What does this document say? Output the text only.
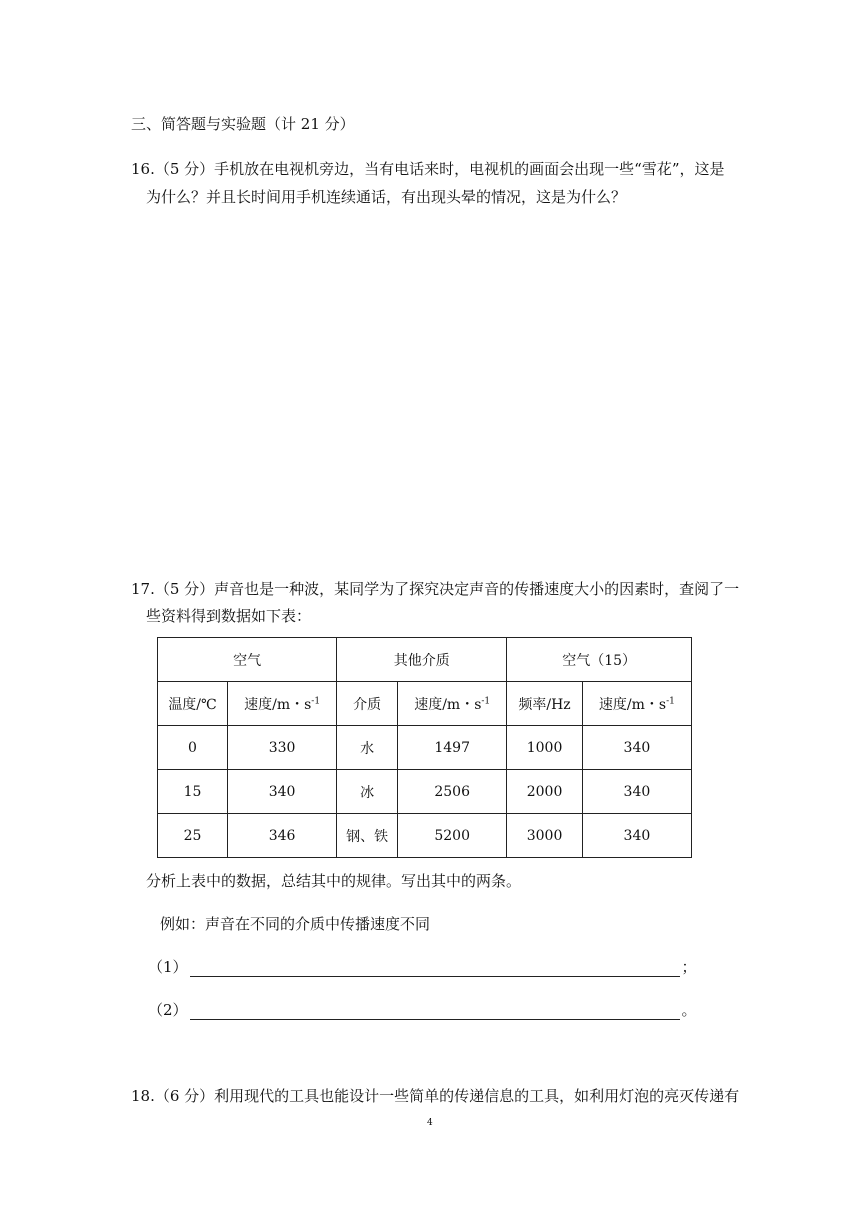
三、简答题与实验题（计 21 分）
16.（5 分）手机放在电视机旁边，当有电话来时，电视机的画面会出现一些“雪花”，这是
为什么？并且长时间用手机连续通话，有出现头晕的情况，这是为什么？
17.（5 分）声音也是一种波，某同学为了探究决定声音的传播速度大小的因素时，查阅了一
些资料得到数据如下表：
空气		其他介质		空气（15）	
温度/℃	速度/m・$s^{-1}$	介质	速度/m・$s^{-1}$	频率/Hz	速度/m・$s^{-1}$
0	330	水	1497	1000	340
15	340	冰	2506	2000	340
25	346	钢、铁	5200	3000	340
分析上表中的数据，总结其中的规律。写出其中的两条。
例如：声音在不同的介质中传播速度不同
（1）	；
（2）	。
18.（6 分）利用现代的工具也能设计一些简单的传递信息的工具，如利用灯泡的亮灭传递有
4
